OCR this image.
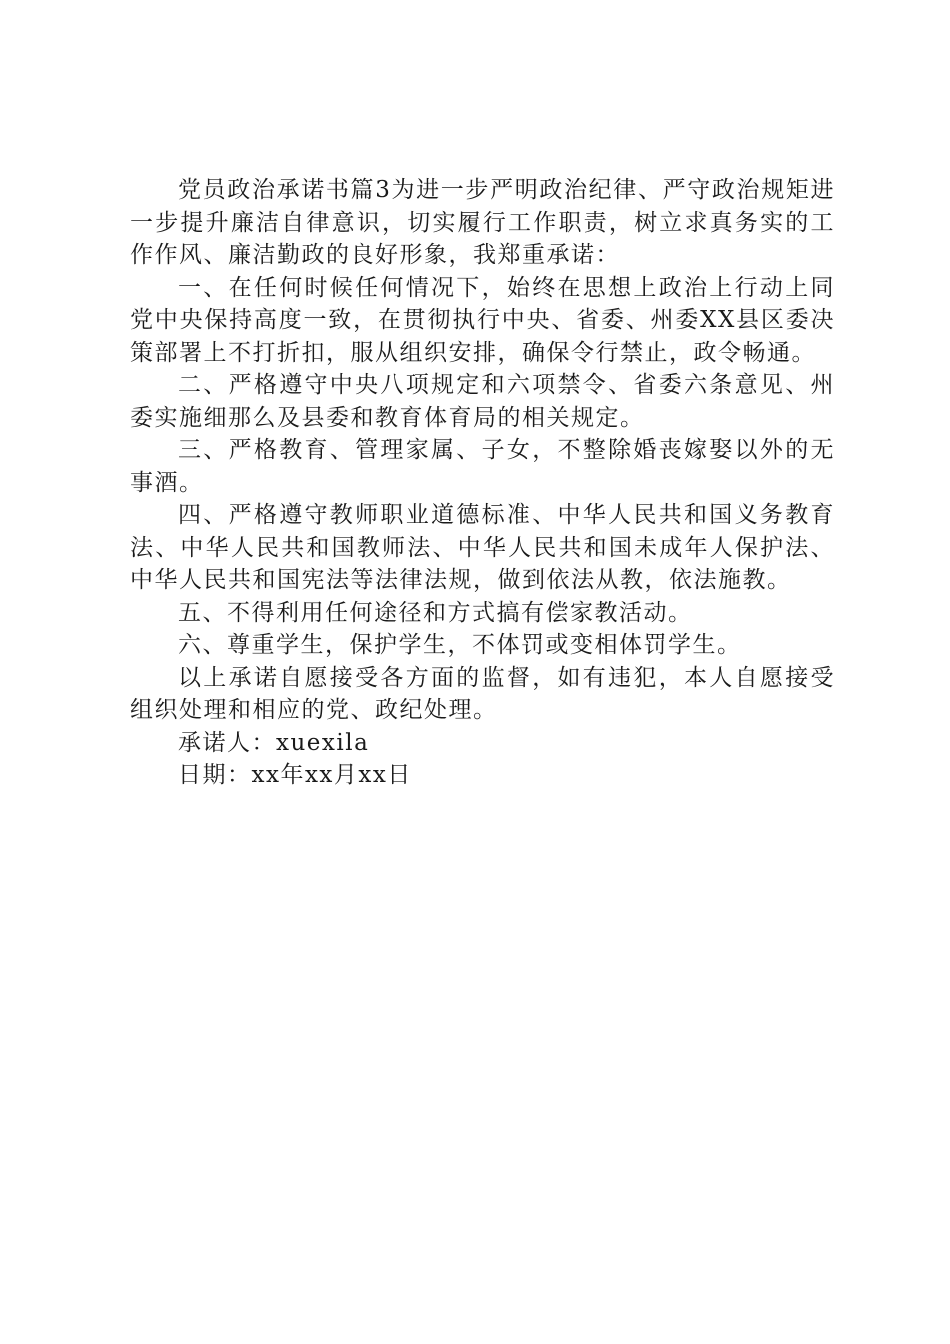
党员政治承诺书篇3为进一步严明政治纪律、严守政治规矩进一步提升廉洁自律意识，切实履行工作职责，树立求真务实的工作作风、廉洁勤政的良好形象，我郑重承诺：

一、在任何时候任何情况下，始终在思想上政治上行动上同党中央保持高度一致，在贯彻执行中央、省委、州委XX县区委决策部署上不打折扣，服从组织安排，确保令行禁止，政令畅通。

二、严格遵守中央八项规定和六项禁令、省委六条意见、州委实施细那么及县委和教育体育局的相关规定。

三、严格教育、管理家属、子女，不整除婚丧嫁娶以外的无事酒。

四、严格遵守教师职业道德标准、中华人民共和国义务教育法、中华人民共和国教师法、中华人民共和国未成年人保护法、中华人民共和国宪法等法律法规，做到依法从教，依法施教。

五、不得利用任何途径和方式搞有偿家教活动。

六、尊重学生，保护学生，不体罚或变相体罚学生。

以上承诺自愿接受各方面的监督，如有违犯，本人自愿接受组织处理和相应的党、政纪处理。

承诺人：xuexila

日期：xx年xx月xx日
